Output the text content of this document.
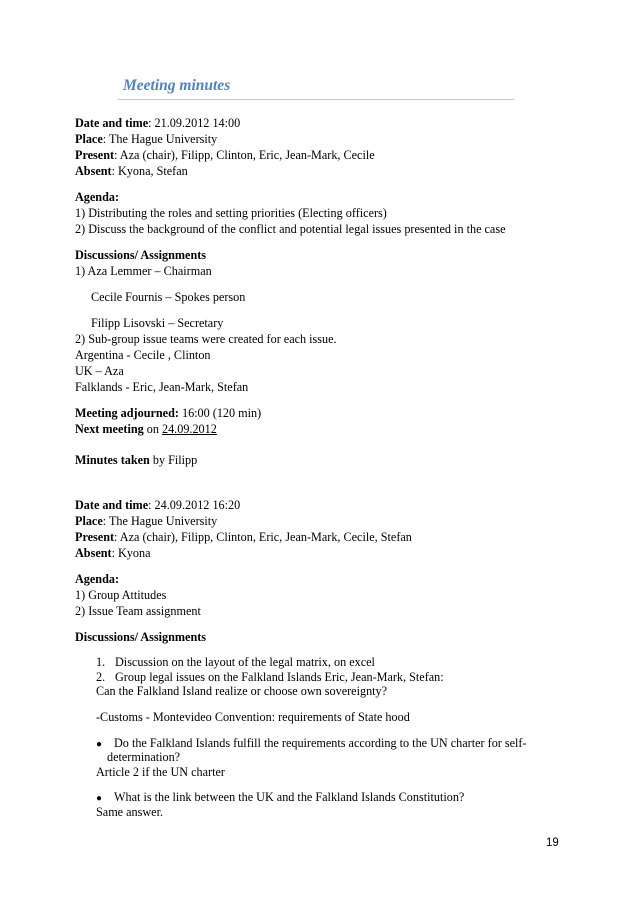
Meeting minutes
Date and time: 21.09.2012 14:00
Place: The Hague University
Present: Aza (chair), Filipp, Clinton, Eric, Jean-Mark, Cecile
Absent: Kyona, Stefan
Agenda:
1) Distributing the roles and setting priorities (Electing officers)
2) Discuss the background of the conflict and potential legal issues presented in the case
Discussions/ Assignments
1) Aza Lemmer – Chairman
Cecile Fournis – Spokes person
Filipp Lisovski – Secretary
2) Sub-group issue teams were created for each issue.
Argentina - Cecile , Clinton
UK – Aza
Falklands - Eric, Jean-Mark, Stefan
Meeting adjourned: 16:00 (120 min)
Next meeting on 24.09.2012
Minutes taken by Filipp
Date and time: 24.09.2012 16:20
Place: The Hague University
Present: Aza (chair), Filipp, Clinton, Eric, Jean-Mark, Cecile, Stefan
Absent: Kyona
Agenda:
1) Group Attitudes
2) Issue Team assignment
Discussions/ Assignments
1. Discussion on the layout of the legal matrix, on excel
2. Group legal issues on the Falkland Islands Eric, Jean-Mark, Stefan:
Can the Falkland Island realize or choose own sovereignty?
-Customs - Montevideo Convention: requirements of State hood
● Do the Falkland Islands fulfill the requirements according to the UN charter for self-
determination?
Article 2 if the UN charter
● What is the link between the UK and the Falkland Islands Constitution?
Same answer.
19
